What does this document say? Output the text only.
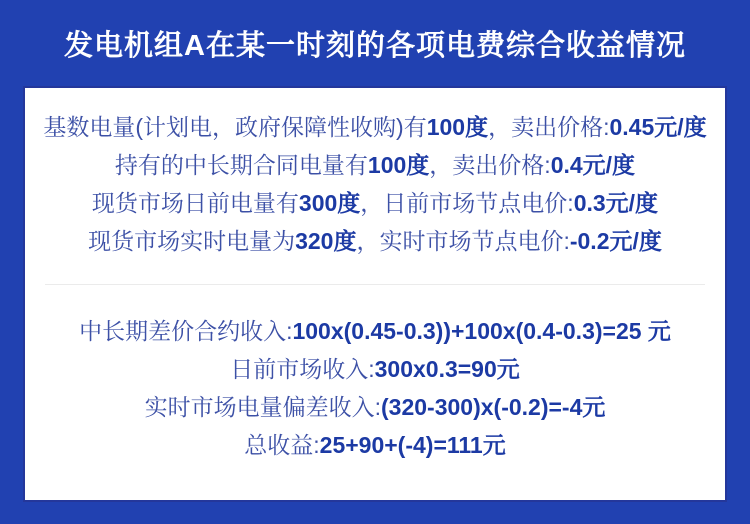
发电机组A在某一时刻的各项电费综合收益情况
基数电量(计划电，政府保障性收购)有100度，卖出价格:0.45元/度
持有的中长期合同电量有100度，卖出价格:0.4元/度
现货市场日前电量有300度，日前市场节点电价:0.3元/度
现货市场实时电量为320度，实时市场节点电价:-0.2元/度
中长期差价合约收入:100x(0.45-0.3))+100x(0.4-0.3)=25 元
日前市场收入:300x0.3=90元
实时市场电量偏差收入:(320-300)x(-0.2)=-4元
总收益:25+90+(-4)=111元
